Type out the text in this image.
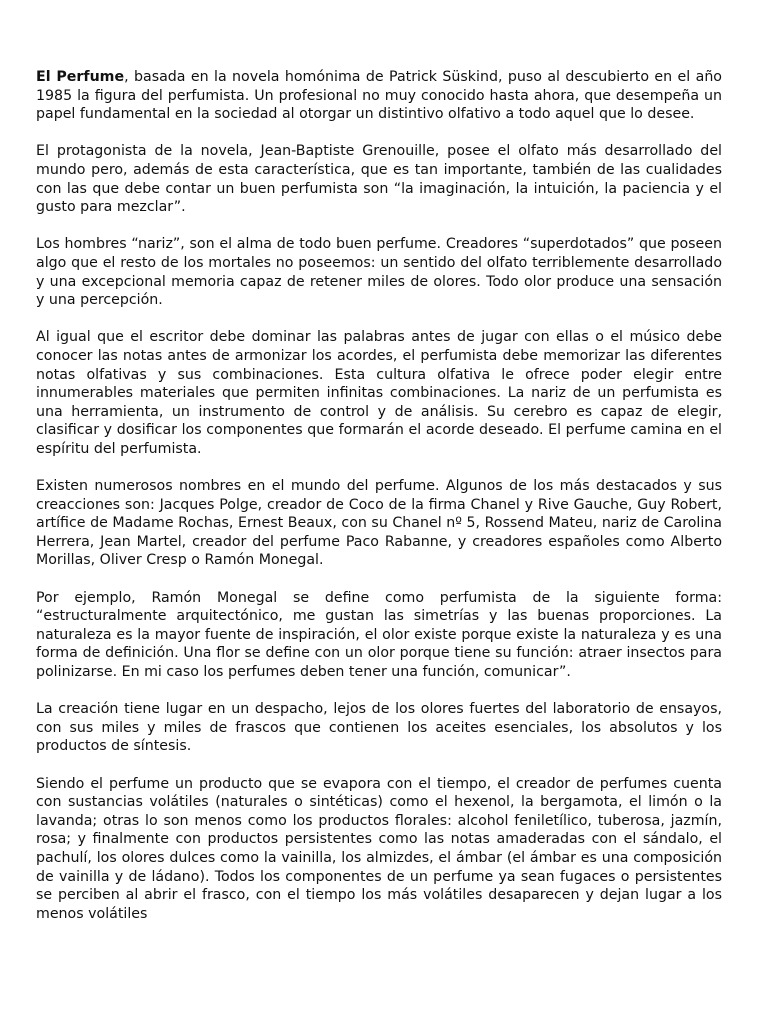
El Perfume, basada en la novela homónima de Patrick Süskind, puso al descubierto en el año 1985 la figura del perfumista. Un profesional no muy conocido hasta ahora, que desempeña un papel fundamental en la sociedad al otorgar un distintivo olfativo a todo aquel que lo desee.

El protagonista de la novela, Jean-Baptiste Grenouille, posee el olfato más desarrollado del mundo pero, además de esta característica, que es tan importante, también de las cualidades con las que debe contar un buen perfumista son “la imaginación, la intuición, la paciencia y el gusto para mezclar”.

Los hombres “nariz”, son el alma de todo buen perfume. Creadores “superdotados” que poseen algo que el resto de los mortales no poseemos: un sentido del olfato terriblemente desarrollado y una excepcional memoria capaz de retener miles de olores. Todo olor produce una sensación y una percepción.

Al igual que el escritor debe dominar las palabras antes de jugar con ellas o el músico debe conocer las notas antes de armonizar los ￼acordes, el perfumista debe memorizar las diferentes notas olfativas y sus combinaciones. Esta cultura olfativa le ofrece poder elegir entre innumerables materiales que permiten infinitas combinaciones. La nariz de un perfumista es una herramienta, un instrumento de control y de análisis. Su cerebro es capaz de elegir, clasificar y dosificar los componentes que formarán el acorde deseado. El perfume camina en el espíritu del perfumista.

Existen numerosos nombres en el mundo del perfume. Algunos de los más destacados y sus creacciones son: Jacques Polge, creador de Coco de la firma Chanel y Rive Gauche, Guy Robert, artífice de Madame Rochas, Ernest Beaux, con su Chanel nº 5, Rossend Mateu, nariz de Carolina Herrera, Jean Martel, creador del perfume Paco Rabanne, y creadores españoles como Alberto Morillas, Oliver Cresp o Ramón Monegal.

Por ejemplo, Ramón Monegal se define como perfumista de la siguiente forma: “estructuralmente arquitectónico, me gustan las simetrías y las buenas proporciones. La naturaleza es la mayor fuente de inspiración, el olor existe porque existe la naturaleza y es una forma de definición. Una flor se define con un olor porque tiene su función: atraer insectos para polinizarse. En mi caso los perfumes deben tener una función, comunicar”.

La creación tiene lugar en un despacho, lejos de los olores fuertes del laboratorio de ensayos, con sus miles y miles de frascos que contienen los aceites esenciales, los absolutos y los productos de síntesis.

Siendo el perfume un producto que se evapora con el tiempo, el creador de perfumes cuenta con sustancias volátiles (naturales o sintéticas) como el hexenol, la bergamota, el limón o la lavanda; otras lo son menos como los productos florales: alcohol feniletílico, tuberosa, jazmín, rosa; y finalmente con productos persistentes como las notas amaderadas con el sándalo, el pachulí, los olores dulces como la vainilla, los almizdes, el ámbar (el ámbar es una composición de vainilla y de ládano). ￼Todos los componentes de un perfume ya sean fugaces o persistentes se perciben al abrir el frasco, con el tiempo los más volátiles desaparecen y dejan lugar a los menos volátiles
